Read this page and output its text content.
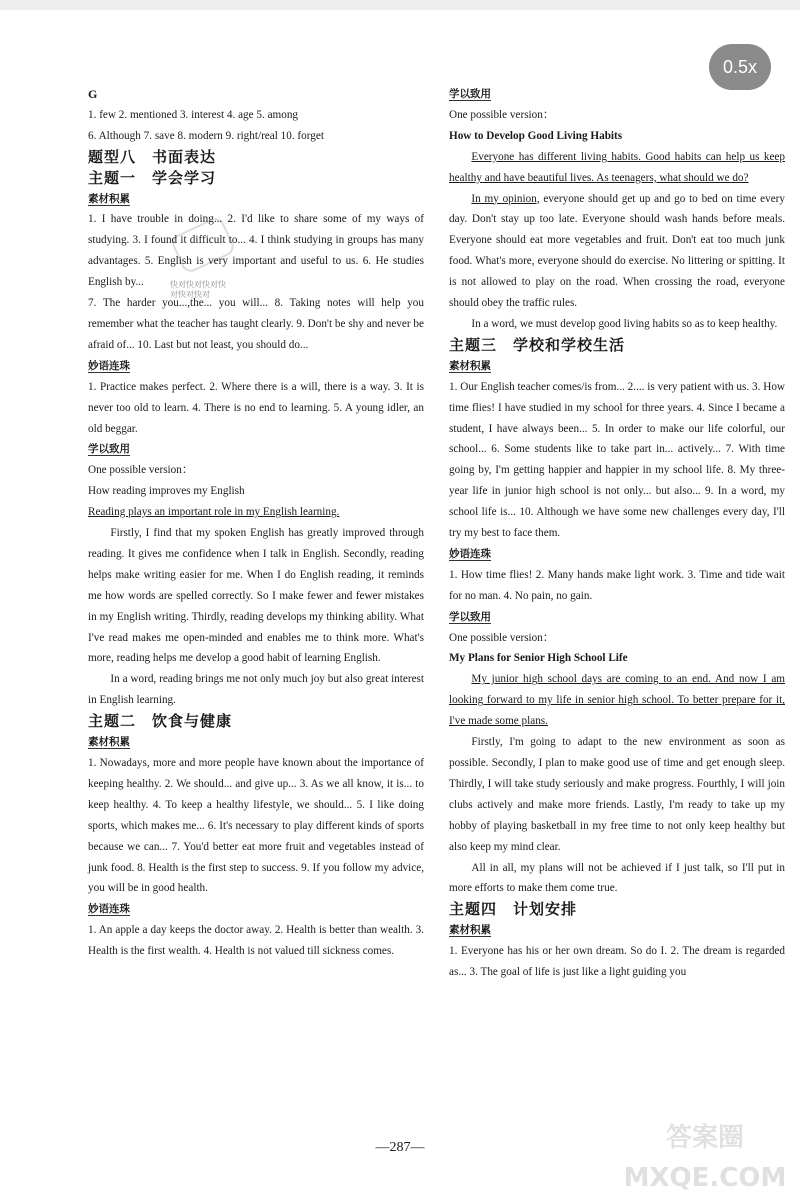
0.5x
快对快对快对快对快对快对

G

1. few 2. mentioned 3. interest 4. age 5. among

6. Although 7. save 8. modern 9. right/real 10. forget

题型八　书面表达

主题一　学会学习

素材积累

1. I have trouble in doing... 2. I'd like to share some of my ways of studying. 3. I found it difficult to... 4. I think studying in groups has many advantages. 5. English is very important and useful to us. 6. He studies English by...

7. The harder you...,the... you will... 8. Taking notes will help you remember what the teacher has taught clearly. 9. Don't be shy and never be afraid of... 10. Last but not least, you should do...

妙语连珠

1. Practice makes perfect. 2. Where there is a will, there is a way. 3. It is never too old to learn. 4. There is no end to learning. 5. A young idler, an old beggar.

学以致用

One possible version：

How reading improves my English

Reading plays an important role in my English learning.

Firstly, I find that my spoken English has greatly improved through reading. It gives me confidence when I talk in English. Secondly, reading helps make writing easier for me. When I do English reading, it reminds me how words are spelled correctly. So I make fewer and fewer mistakes in my English writing. Thirdly, reading develops my thinking ability. What I've read makes me open-minded and enables me to think more. What's more, reading helps me develop a good habit of learning English.

In a word, reading brings me not only much joy but also great interest in English learning.

主题二　饮食与健康

素材积累

1. Nowadays, more and more people have known about the importance of keeping healthy. 2. We should... and give up... 3. As we all know, it is... to keep healthy. 4. To keep a healthy lifestyle, we should... 5. I like doing sports, which makes me... 6. It's necessary to play different kinds of sports because we can... 7. You'd better eat more fruit and vegetables instead of junk food. 8. Health is the first step to success. 9. If you follow my advice, you will be in good health.

妙语连珠

1. An apple a day keeps the doctor away. 2. Health is better than wealth. 3. Health is the first wealth. 4. Health is not valued till sickness comes.

学以致用

One possible version：

How to Develop Good Living Habits

Everyone has different living habits. Good habits can help us keep healthy and have beautiful lives. As teenagers, what should we do?

In my opinion, everyone should get up and go to bed on time every day. Don't stay up too late. Everyone should wash hands before meals. Everyone should eat more vegetables and fruit. Don't eat too much junk food. What's more, everyone should do exercise. No littering or spitting. It is not allowed to play on the road. When crossing the road, everyone should obey the traffic rules.

In a word, we must develop good living habits so as to keep healthy.

主题三　学校和学校生活

素材积累

1. Our English teacher comes/is from... 2.... is very patient with us. 3. How time flies! I have studied in my school for three years. 4. Since I became a student, I have always been... 5. In order to make our life colorful, our school... 6. Some students like to take part in... actively... 7. With time going by, I'm getting happier and happier in my school life. 8. My three-year life in junior high school is not only... but also... 9. In a word, my school life is... 10. Although we have some new challenges every day, I'll try my best to face them.

妙语连珠

1. How time flies! 2. Many hands make light work. 3. Time and tide wait for no man. 4. No pain, no gain.

学以致用

One possible version：

My Plans for Senior High School Life

My junior high school days are coming to an end. And now I am looking forward to my life in senior high school. To better prepare for it, I've made some plans.

Firstly, I'm going to adapt to the new environment as soon as possible. Secondly, I plan to make good use of time and get enough sleep. Thirdly, I will take study seriously and make progress. Fourthly, I will join clubs actively and make more friends. Lastly, I'm ready to take up my hobby of playing basketball in my free time to not only keep healthy but also keep my mind clear.

All in all, my plans will not be achieved if I just talk, so I'll put in more efforts to make them come true.

主题四　计划安排

素材积累

1. Everyone has his or her own dream. So do I. 2. The dream is regarded as... 3. The goal of life is just like a light guiding you

—287—	答案圈 MXQE.COM
